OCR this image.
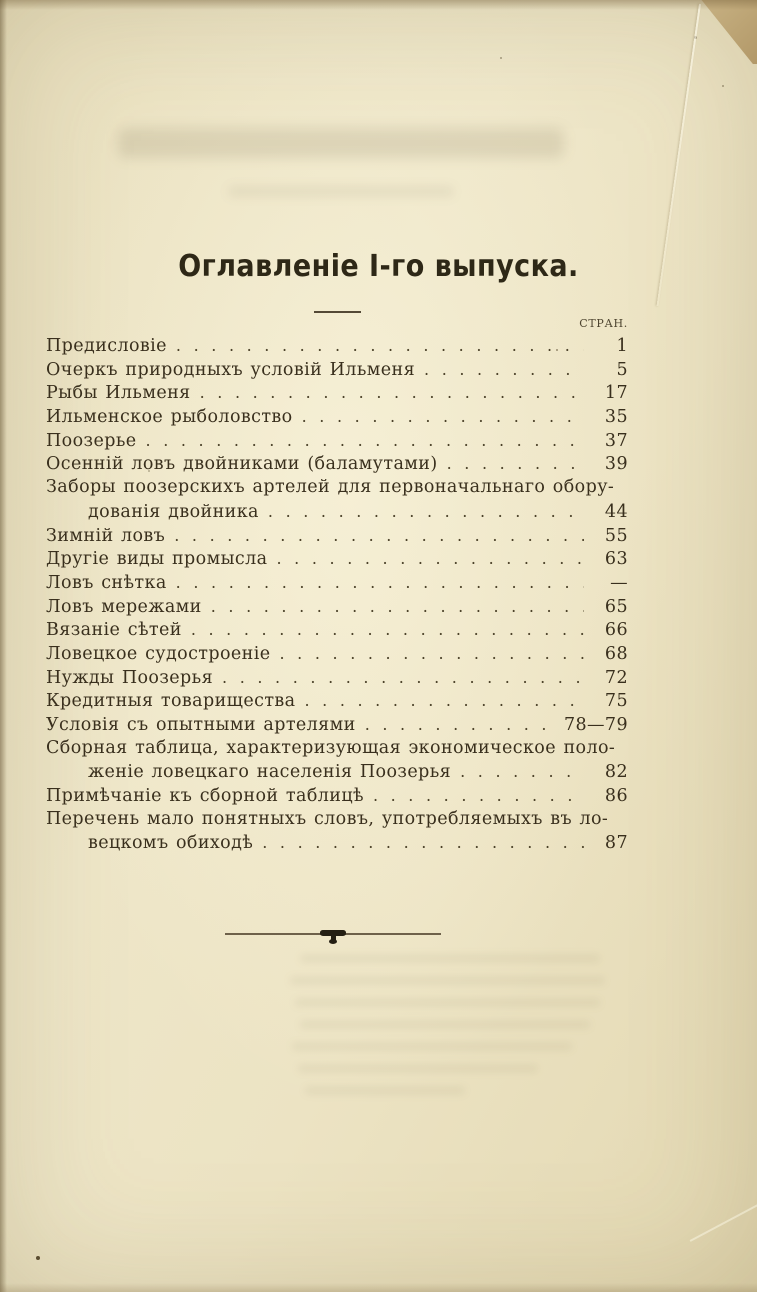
Оглавленіе I-го выпуска.
СТРАН.
Предисловіе . . .	1
Очеркъ природныхъ условій Ильменя . . .	5
Рыбы Ильменя . . .	17
Ильменское рыболовство . . .	35
Поозерье . . .	37
Осенній ловъ двойниками (баламутами) . . .	39
Заборы поозерскихъ артелей для первоначальнаго обору-
дованія двойника . . .	44
Зимній ловъ . . .	55
Другіе виды промысла . . .	63
Ловъ снѣтка . . .	—
Ловъ мережами . . .	65
Вязаніе сѣтей . . .	66
Ловецкое судостроеніе . . .	68
Нужды Поозерья . . .	72
Кредитныя товарищества . . .	75
Условія съ опытными артелями . . .	78—79
Сборная таблица, характеризующая экономическое поло-
женіе ловецкаго населенія Поозерья . . .	82
Примѣчаніе къ сборной таблицѣ . . .	86
Перечень мало понятныхъ словъ, употребляемыхъ въ ло-
вецкомъ обиходѣ . . .	87
